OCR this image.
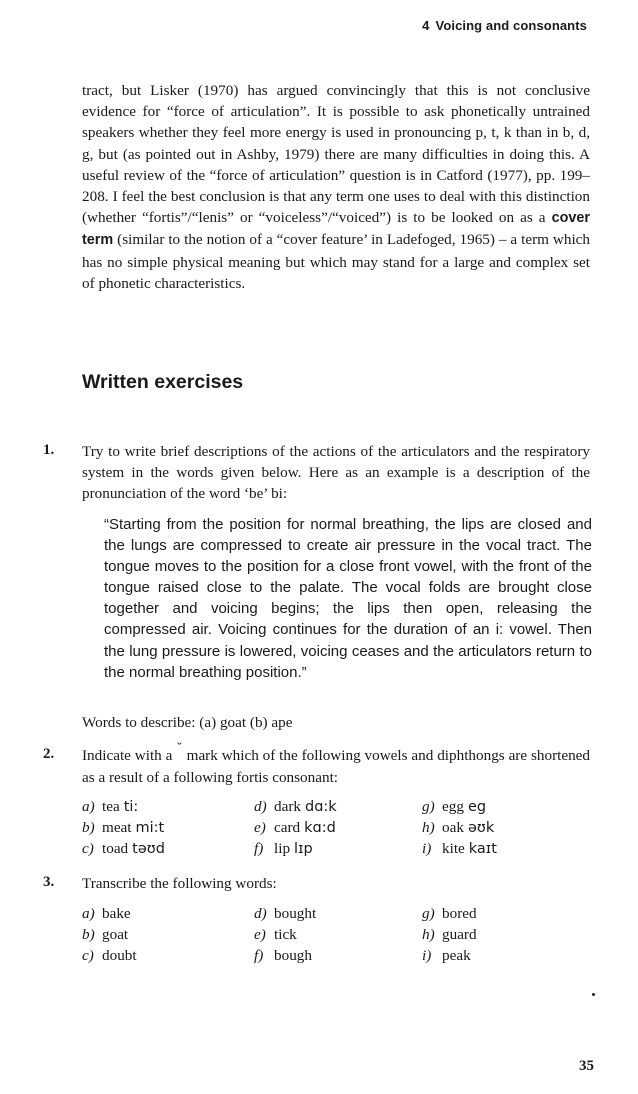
4 Voicing and consonants

tract, but Lisker (1970) has argued convincingly that this is not conclusive evidence for “force of articulation”. It is possible to ask phonetically untrained speakers whether they feel more energy is used in pronouncing p, t, k than in b, d, g, but (as pointed out in Ashby, 1979) there are many difficulties in doing this. A useful review of the “force of articulation” question is in Catford (1977), pp. 199–208. I feel the best conclusion is that any term one uses to deal with this distinction (whether “fortis”/“lenis” or “voiceless”/“voiced”) is to be looked on as a cover term (similar to the notion of a “cover feature’ in Ladefoged, 1965) – a term which has no simple physical meaning but which may stand for a large and complex set of phonetic characteristics.

Written exercises
1. Try to write brief descriptions of the actions of the articulators and the respiratory system in the words given below. Here as an example is a description of the pronunciation of the word ‘be’ bi:

“Starting from the position for normal breathing, the lips are closed and the lungs are compressed to create air pressure in the vocal tract. The tongue moves to the position for a close front vowel, with the front of the tongue raised close to the palate. The vocal folds are brought close together and voicing begins; the lips then open, releasing the compressed air. Voicing continues for the duration of an i: vowel. Then the lung pressure is lowered, voicing ceases and the articulators return to the normal breathing position.”

Words to describe: (a) goat (b) ape

2. Indicate with a ˘ mark which of the following vowels and diphthongs are shortened as a result of a following fortis consonant:

a) tea ti:	d) dark dɑ:k	g) egg eg
b) meat mi:t	e) card kɑ:d	h) oak əʊk
c) toad təʊd	f) lip lɪp	i) kite kaɪt
3. Transcribe the following words:

a) bake	d) bought	g) bored
b) goat	e) tick	h) guard
c) doubt	f) bough	i) peak
35
